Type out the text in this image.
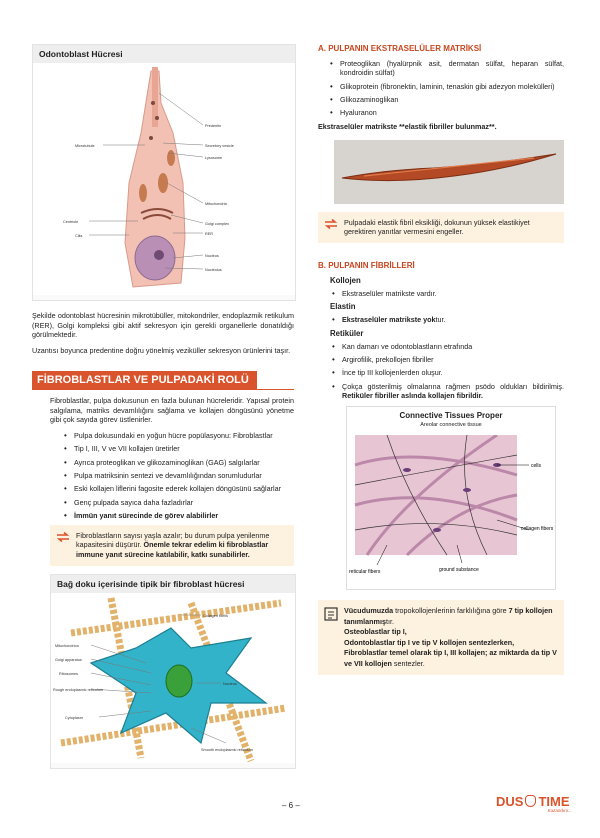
Odontoblast Hücresi
Predentin
Microtubule	Secretory vesicle
Lysosome
Mitochondria
Centriole	Golgi complex
Cilia	RER
Nucleus
Nucleolus

Şekilde odontoblast hücresinin mikrotübüller, mitokondriler, endoplazmik retikulum (RER), Golgi kompleksi gibi aktif sekresyon için gerekli organellerle donatıldığı görülmektedir.

Uzantısı boyunca predentine doğru yönelmiş veziküller sekresyon ürünlerini taşır.

FİBROBLASTLAR VE PULPADAKİ ROLÜ

Fibroblastlar, pulpa dokusunun en fazla bulunan hücreleridir. Yapısal protein salgılama, matriks devamlılığını sağlama ve kollajen döngüsünü yönetme gibi çok sayıda görev üstlenirler.

• Pulpa dokusundaki en yoğun hücre popülasyonu: Fibroblastlar
• Tip I, III, V ve VII kollajen üretirler
• Ayrıca proteoglikan ve glikozaminoglikan (GAG) salgılarlar
• Pulpa matriksinin sentezi ve devamlılığından sorumludurlar
• Eski kollajen liflerini fagosite ederek kollajen döngüsünü sağlarlar
• Genç pulpada sayıca daha fazladırlar
• İmmün yanıt sürecinde de görev alabilirler
Fibroblastların sayısı yaşla azalır; bu durum pulpa yenilenme kapasitesini düşürür. Önemle tekrar edelim ki fibroblastlar immune yanıt sürecine katılabilir, katkı sunabilirler.
Bağ doku içerisinde tipik bir fibroblast hücresi
Collagen fibrils
Mitochondrion
Golgi apparatus
Ribosomes
Rough endoplasmic reticulum
Nucleus
Cytoplasm
Smooth endoplasmic reticulum
A. PULPANIN EKSTRASELÜLER MATRİKSİ
• Proteoglikan (hyalürpnik asit, dermatan sülfat, heparan sülfat, kondroidin sülfat)
• Glikoprotein (fibronektin, laminin, tenaskin gibi adezyon molekülleri)
• Glikozaminoglikan
• Hyaluranon

Ekstraselüler matrikste **elastik fibriller bulunmaz**.

Pulpadaki elastik fibril eksikliği, dokunun yüksek elastikiyet gerektiren yanıtlar vermesini engeller.
B. PULPANIN FİBRİLLERİ
Kollojen
• Ekstraselüler matrikste vardır.
Elastin
• Ekstraselüler matrikste yoktur.
Retiküler
• Kan damarı ve odontoblastların etrafında
• Argirofilik, prekollojen fibriller
• İnce tip III kollojenlerden oluşur.
• Çokça gösterilmiş olmalarına rağmen psödo oldukları bildirilmiş. Retiküler fibriller aslında kollajen fibrildir.
Connective Tissues Proper
Areolar connective tissue
cells
collagen fibers
reticular fibers	ground substance
Vücudumuzda tropokollojenlerinin farklılığına göre 7 tip kollojen tanımlanmıştır.
Osteoblastlar tip I,
Odontoblastlar tip I ve tip V kollojen sentezlerken,
Fibroblastlar temel olarak tip I, III kollajen; az miktarda da tip V ve VII kollojen sentezler.
– 6 –	DUS TIME
Kazandırır...
